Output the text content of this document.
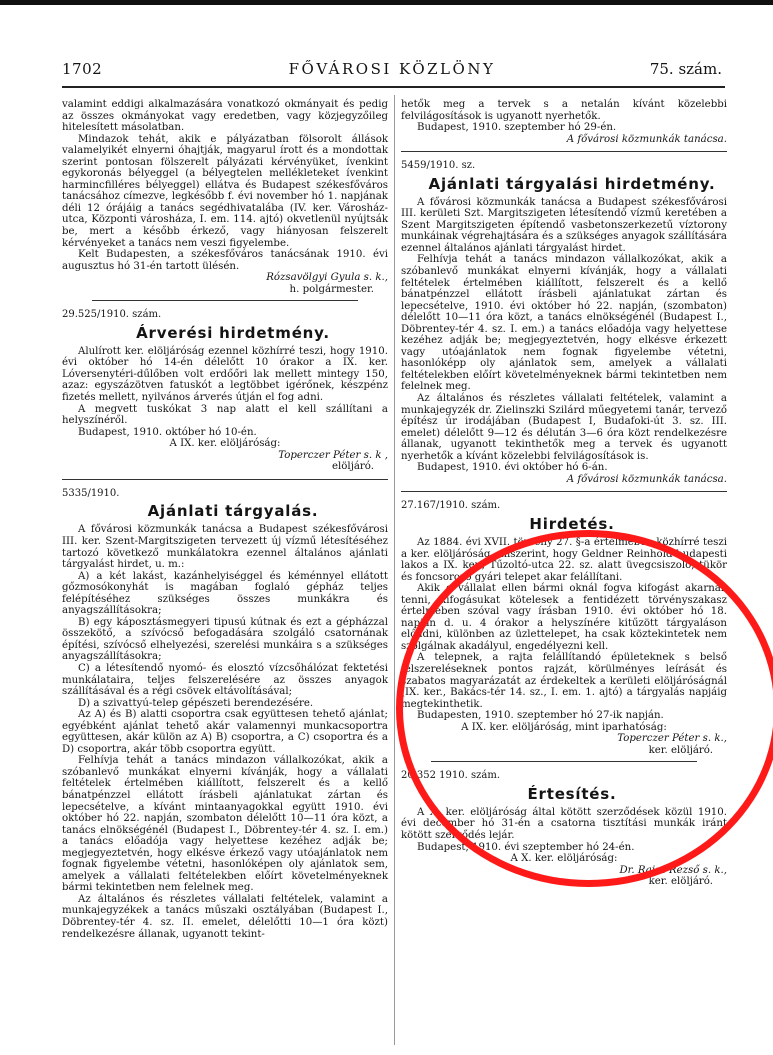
1702	FŐVÁROSI KÖZLÖNY	75. szám.

valamint eddigi alkalmazására vonatkozó okmányait és pedig az összes okmányokat vagy eredetben, vagy közjegyzőileg hitelesített másolatban.

Mindazok tehát, akik e pályázatban fölsorolt állások valamelyikét elnyerni óhajtják, magyarul írott és a mondottak szerint pontosan fölszerelt pályázati kérvényüket, ívenkint egykoronás bélyeggel (a bélyegtelen mellékleteket ívenkint harmincfilléres bélyeggel) ellátva és Budapest székesfőváros tanácsához címezve, legkésőbb f. évi november hó 1. napjának déli 12 órájáig a tanács segédhivatalába (IV. ker. Városház-utca, Központi városháza, I. em. 114. ajtó) okvetlenül nyújtsák be, mert a később érkező, vagy hiányosan felszerelt kérvényeket a tanács nem veszi figyelembe.

Kelt Budapesten, a székesfőváros tanácsának 1910. évi augusztus hó 31-én tartott ülésén.

Rózsavölgyi Gyula s. k.,

h. polgármester.

29.525/1910. szám.

Árverési hirdetmény.

Alulírott ker. elöljáróság ezennel közhírré teszi, hogy 1910. évi október hó 14-én délelőtt 10 órakor a IX. ker. Lóversenytéri-dűlőben volt erdőőri lak mellett mintegy 150, azaz: egyszázötven fatuskót a legtöbbet igérőnek, készpénz fizetés mellett, nyilvános árverés útján el fog adni.

A megvett tuskókat 3 nap alatt el kell szállítani a helyszínéről.

Budapest, 1910. október hó 10-én.

A IX. ker. elöljáróság:

Toperczer Péter s. k ,

elöljáró.

5335/1910.

Ajánlati tárgyalás.

A fővárosi közmunkák tanácsa a Budapest székesfővárosi III. ker. Szent-Margitszigeten tervezett új vízmű létesítéséhez tartozó következő munkálatokra ezennel általános ajánlati tárgyalást hirdet, u. m.:

A) a két lakást, kazánhelyiséggel és kéménnyel ellátott gőzmosókonyhát is magában foglaló gépház teljes felépítéséhez szükséges összes munkákra és anyagszállításokra;

B) egy káposztásmegyeri tipusú kútnak és ezt a gépházzal összekötő, a szívócső befogadására szolgáló csatornának építési, szívócső elhelyezési, szerelési munkáira s a szükséges anyagszállításokra;

C) a létesítendő nyomó- és elosztó vízcsőhálózat fektetési munkálataira, teljes felszerelésére az összes anyagok szállításával és a régi csövek eltávolításával;

D) a szivattyú-telep gépészeti berendezésére.

Az A) és B) alatti csoportra csak együttesen tehető ajánlat; egyébként ajánlat tehető akár valamennyi munkacsoportra együttesen, akár külön az A) B) csoportra, a C) csoportra és a D) csoportra, akár több csoportra együtt.

Felhívja tehát a tanács mindazon vállalkozókat, akik a szóbanlevő munkákat elnyerni kívánják, hogy a vállalati feltételek értelmében kiállított, felszerelt és a kellő bánatpénzzel ellátott írásbeli ajánlatukat zártan és lepecsételve, a kívánt mintaanyagokkal együtt 1910. évi október hó 22. napján, szombaton délelőtt 10—11 óra közt, a tanács elnökségénél (Budapest I., Döbrentey-tér 4. sz. I. em.) a tanács előadója vagy helyettese kezéhez adják be; megjegyeztetvén, hogy elkésve érkező vagy utóajánlatok nem fognak figyelembe vétetni, hasonlóképen oly ajánlatok sem, amelyek a vállalati feltételekben előírt követelményeknek bármi tekintetben nem felelnek meg.

Az általános és részletes vállalati feltételek, valamint a munkajegyzékek a tanács műszaki osztályában (Budapest I., Döbrentey-tér 4. sz. II. emelet, délelőtti 10—1 óra közt) rendelkezésre állanak, ugyanott tekint-

hetők meg a tervek s a netalán kívánt közelebbi felvilágosítások is ugyanott nyerhetők.

Budapest, 1910. szeptember hó 29-én.

A fővárosi közmunkák tanácsa.

5459/1910. sz.

Ajánlati tárgyalási hirdetmény.

A fővárosi közmunkák tanácsa a Budapest székesfővárosi III. kerületi Szt. Margitszigeten létesítendő vízmű keretében a Szent Margitszigeten építendő vasbetonszerkezetű víztorony munkáinak végrehajtására és a szükséges anyagok szállítására ezennel általános ajánlati tárgyalást hirdet.

Felhívja tehát a tanács mindazon vállalkozókat, akik a szóbanlevő munkákat elnyerni kívánják, hogy a vállalati feltételek értelmében kiállított, felszerelt és a kellő bánatpénzzel ellátott írásbeli ajánlatukat zártan és lepecsételve, 1910. évi október hó 22. napján, (szombaton) délelőtt 10—11 óra közt, a tanács elnökségénél (Budapest I., Döbrentey-tér 4. sz. I. em.) a tanács előadója vagy helyettese kezéhez adják be; megjegyeztetvén, hogy elkésve érkezett vagy utóajánlatok nem fognak figyelembe vétetni, hasonlóképp oly ajánlatok sem, amelyek a vállalati feltételekben előírt követelményeknek bármi tekintetben nem felelnek meg.

Az általános és részletes vállalati feltételek, valamint a munkajegyzék dr. Zielinszki Szilárd műegyetemi tanár, tervező építész úr irodájában (Budapest I, Budafoki-út 3. sz. III. emelet) délelőtt 9—12 és délután 3—6 óra közt rendelkezésre állanak, ugyanott tekinthetők meg a tervek és ugyanott nyerhetők a kívánt közelebbi felvilágosítások is.

Budapest, 1910. évi október hó 6-án.

A fővárosi közmunkák tanácsa.

27.167/1910. szám.

Hirdetés.

Az 1884. évi XVII. törvény 27. §-a értelmében közhírré teszi a ker. elöljáróság, miszerint, hogy Geldner Reinhold budapesti lakos a IX. ker., Tűzoltó-utca 22. sz. alatt üvegcsiszoló, tükör és foncsorozó gyári telepet akar felállítani.

Akik e vállalat ellen bármi oknál fogva kifogást akarnak tenni, kifogásukat kötelesek a fentidézett törvényszakasz értelmében szóval vagy írásban 1910. évi október hó 18. napján d. u. 4 órakor a helyszínére kitűzött tárgyaláson előadni, különben az üzlettelepet, ha csak köztekintetek nem szolgálnak akadályul, engedélyezni kell.

A telepnek, a rajta felállítandó épületeknek s belső felszereléseknek pontos rajzát, körülményes leírását és szabatos magyarázatát az érdekeltek a kerületi elöljáróságnál (IX. ker., Bakács-tér 14. sz., I. em. 1. ajtó) a tárgyalás napjáig megtekinthetik.

Budapesten, 1910. szeptember hó 27-ik napján.

A IX. ker. elöljáróság, mint iparhatóság:

Toperczer Péter s. k.,

ker. elöljáró.

20.352 1910. szám.

Értesítés.

A X. ker. elöljáróság által kötött szerződések közül 1910. évi december hó 31-én a csatorna tisztítási munkák iránt kötött szerződés lejár.

Budapest, 1910. évi szeptember hó 24-én.

A X. ker. elöljáróság:

Dr. Raisz Rezső s. k.,

ker. elöljáró.
